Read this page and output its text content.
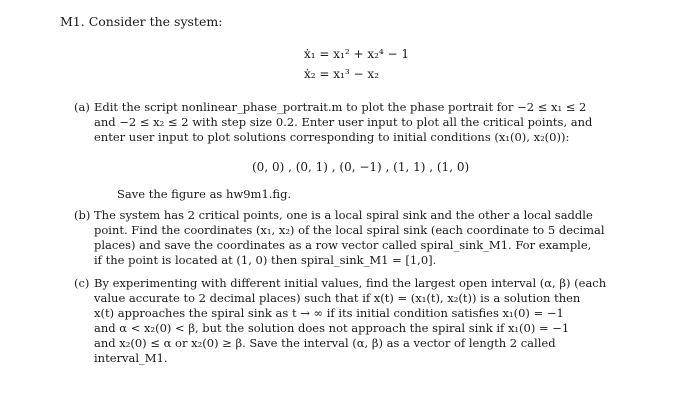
M1. Consider the system:
ẋ₁ = x₁² + x₂⁴ − 1
ẋ₂ = x₁³ − x₂
(a) Edit the script nonlinear_phase_portrait.m to plot the phase portrait for −2 ≤ x₁ ≤ 2
and −2 ≤ x₂ ≤ 2 with step size 0.2. Enter user input to plot all the critical points, and
enter user input to plot solutions corresponding to initial conditions (x₁(0), x₂(0)):
(0, 0) , (0, 1) , (0, −1) , (1, 1) , (1, 0)
Save the figure as hw9m1.fig.
(b) The system has 2 critical points, one is a local spiral sink and the other a local saddle
point. Find the coordinates (x₁, x₂) of the local spiral sink (each coordinate to 5 decimal
places) and save the coordinates as a row vector called spiral_sink_M1. For example,
if the point is located at (1, 0) then spiral_sink_M1 = [1,0].
(c) By experimenting with different initial values, find the largest open interval (α, β) (each
value accurate to 2 decimal places) such that if x(t) = (x₁(t), x₂(t)) is a solution then
x(t) approaches the spiral sink as t → ∞ if its initial condition satisfies x₁(0) = −1
and α < x₂(0) < β, but the solution does not approach the spiral sink if x₁(0) = −1
and x₂(0) ≤ α or x₂(0) ≥ β. Save the interval (α, β) as a vector of length 2 called
interval_M1.
